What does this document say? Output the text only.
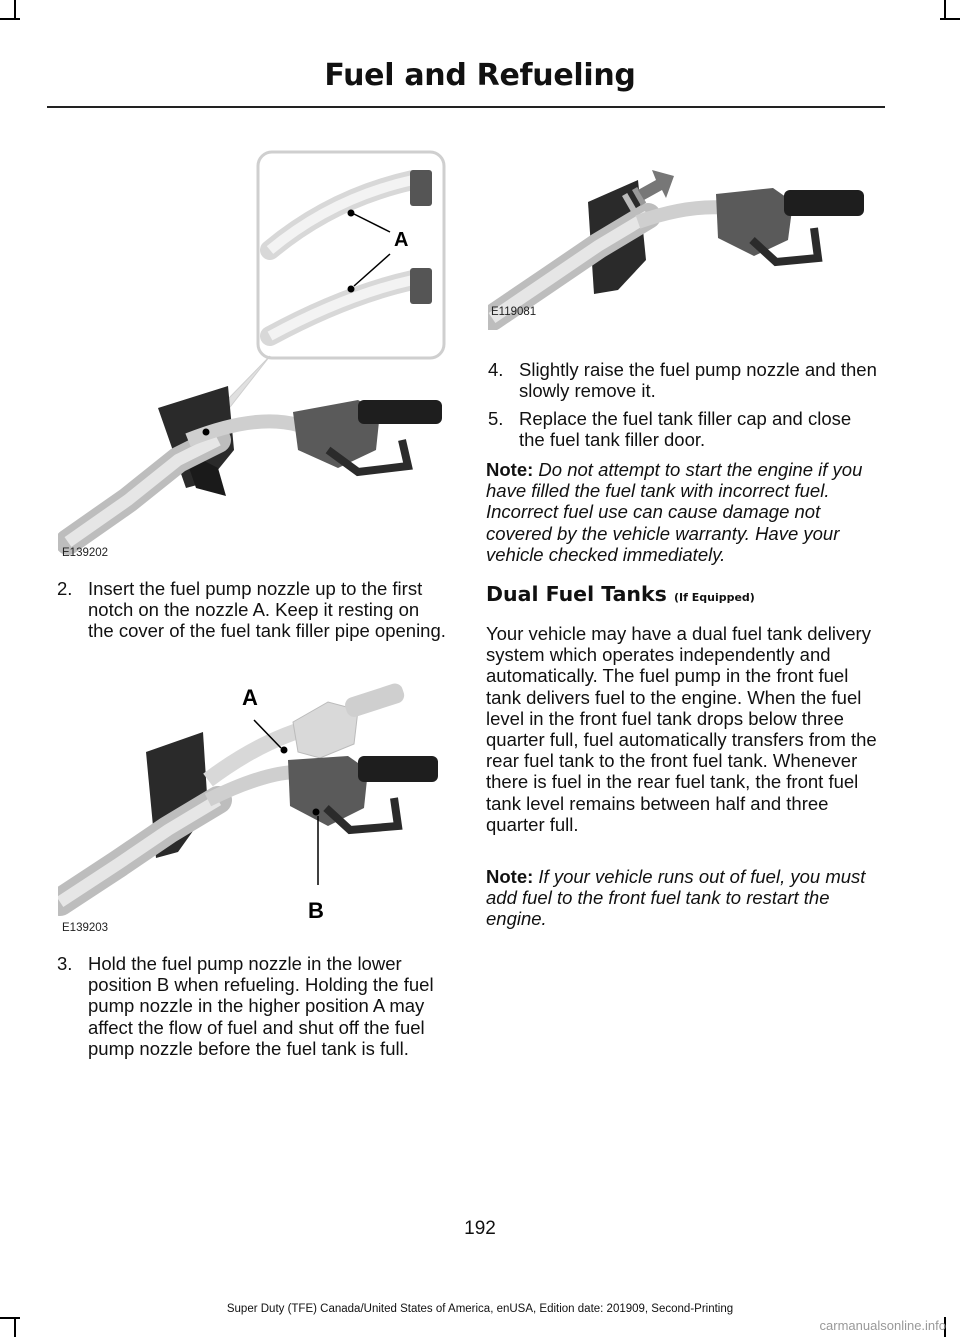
Fuel and Refueling
A
E139202
2. Insert the fuel pump nozzle up to the first notch on the nozzle A. Keep it resting on the cover of the fuel tank filler pipe opening.
A
B
E139203
3. Hold the fuel pump nozzle in the lower position B when refueling. Holding the fuel pump nozzle in the higher position A may affect the flow of fuel and shut off the fuel pump nozzle before the fuel tank is full.
E119081
4. Slightly raise the fuel pump nozzle and then slowly remove it.
5. Replace the fuel tank filler cap and close the fuel tank filler door.
Note: Do not attempt to start the engine if you have filled the fuel tank with incorrect fuel. Incorrect fuel use can cause damage not covered by the vehicle warranty. Have your vehicle checked immediately.
Dual Fuel Tanks (If Equipped)
Your vehicle may have a dual fuel tank delivery system which operates independently and automatically. The fuel pump in the front fuel tank delivers fuel to the engine. When the fuel level in the front fuel tank drops below three quarter full, fuel automatically transfers from the rear fuel tank to the front fuel tank. Whenever there is fuel in the rear fuel tank, the front fuel tank level remains between half and three quarter full.
Note: If your vehicle runs out of fuel, you must add fuel to the front fuel tank to restart the engine.
192
Super Duty (TFE) Canada/United States of America, enUSA, Edition date: 201909, Second-Printing
carmanualsonline.info
